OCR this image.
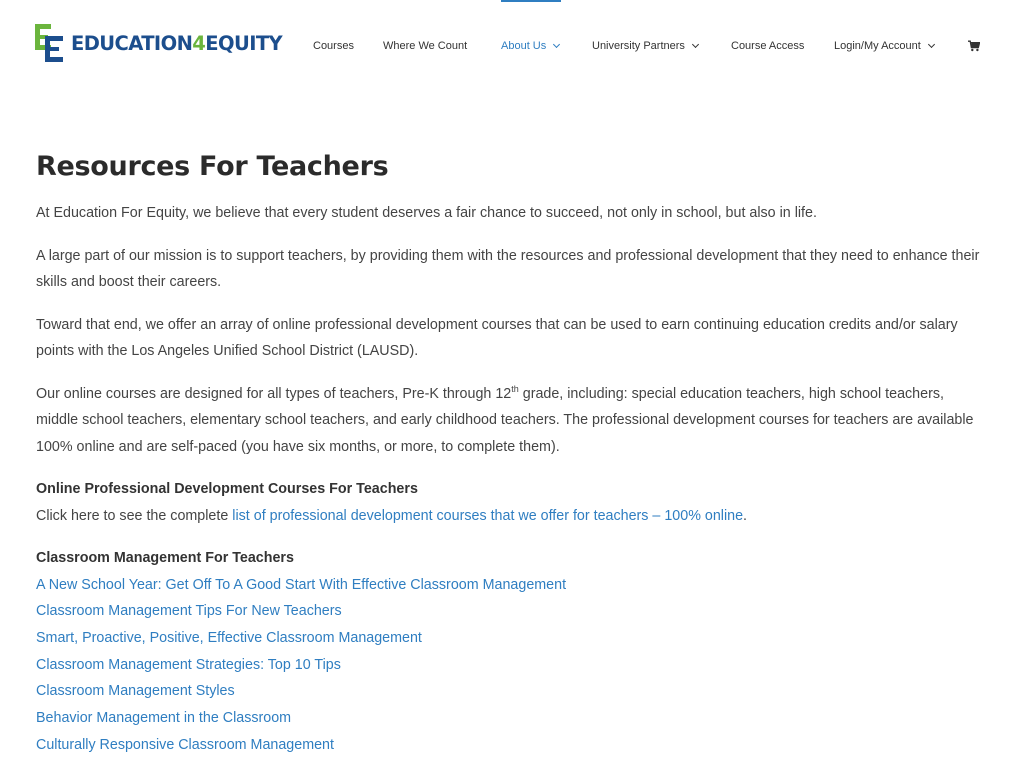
EDUCATION4EQUITY	Courses	Where We Count	About Us	University Partners	Course Access	Login/My Account
Resources For Teachers

At Education For Equity, we believe that every student deserves a fair chance to succeed, not only in school, but also in life.

A large part of our mission is to support teachers, by providing them with the resources and professional development that they need to enhance their skills and boost their careers.

Toward that end, we offer an array of online professional development courses that can be used to earn continuing education credits and/or salary points with the Los Angeles Unified School District (LAUSD).

Our online courses are designed for all types of teachers, Pre-K through 12th grade, including: special education teachers, high school teachers, middle school teachers, elementary school teachers, and early childhood teachers. The professional development courses for teachers are available 100% online and are self-paced (you have six months, or more, to complete them).

Online Professional Development Courses For Teachers
Click here to see the complete list of professional development courses that we offer for teachers – 100% online.

Classroom Management For Teachers

A New School Year: Get Off To A Good Start With Effective Classroom Management
Classroom Management Tips For New Teachers
Smart, Proactive, Positive, Effective Classroom Management
Classroom Management Strategies: Top 10 Tips
Classroom Management Styles
Behavior Management in the Classroom
Culturally Responsive Classroom Management
